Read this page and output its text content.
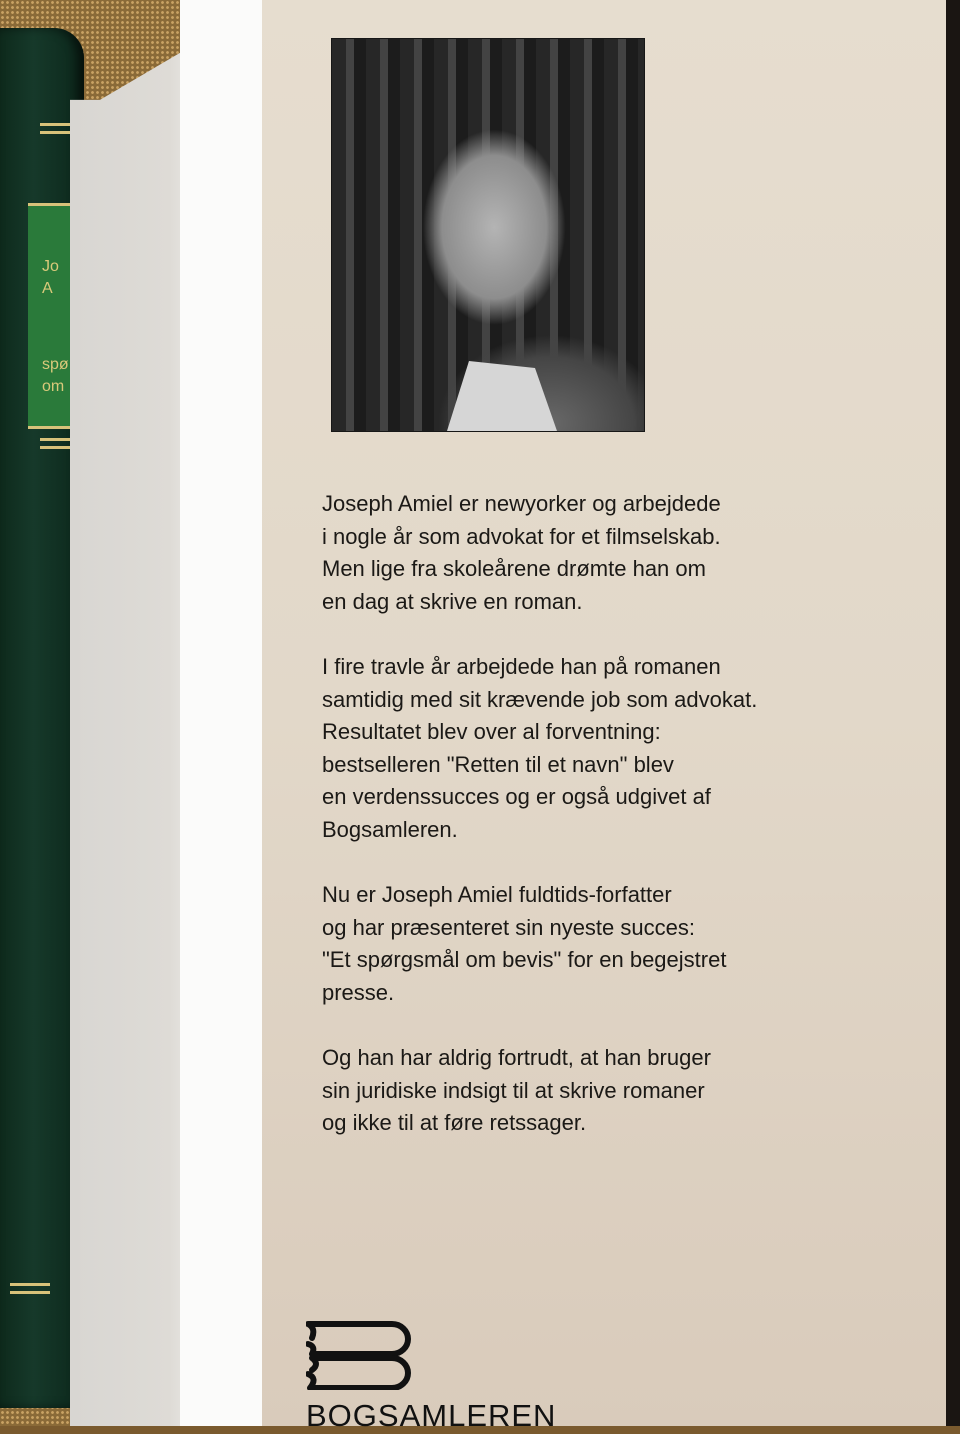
Jo
A
spø
om

Joseph Amiel er newyorker og arbejdede
i nogle år som advokat for et filmselskab.
Men lige fra skoleårene drømte han om
en dag at skrive en roman.

I fire travle år arbejdede han på romanen
samtidig med sit krævende job som advokat.
Resultatet blev over al forventning:
bestselleren "Retten til et navn" blev
en verdenssucces og er også udgivet af
Bogsamleren.

Nu er Joseph Amiel fuldtids-forfatter
og har præsenteret sin nyeste succes:
"Et spørgsmål om bevis" for en begejstret
presse.

Og han har aldrig fortrudt, at han bruger
sin juridiske indsigt til at skrive romaner
og ikke til at føre retssager.

BOGSAMLEREN
